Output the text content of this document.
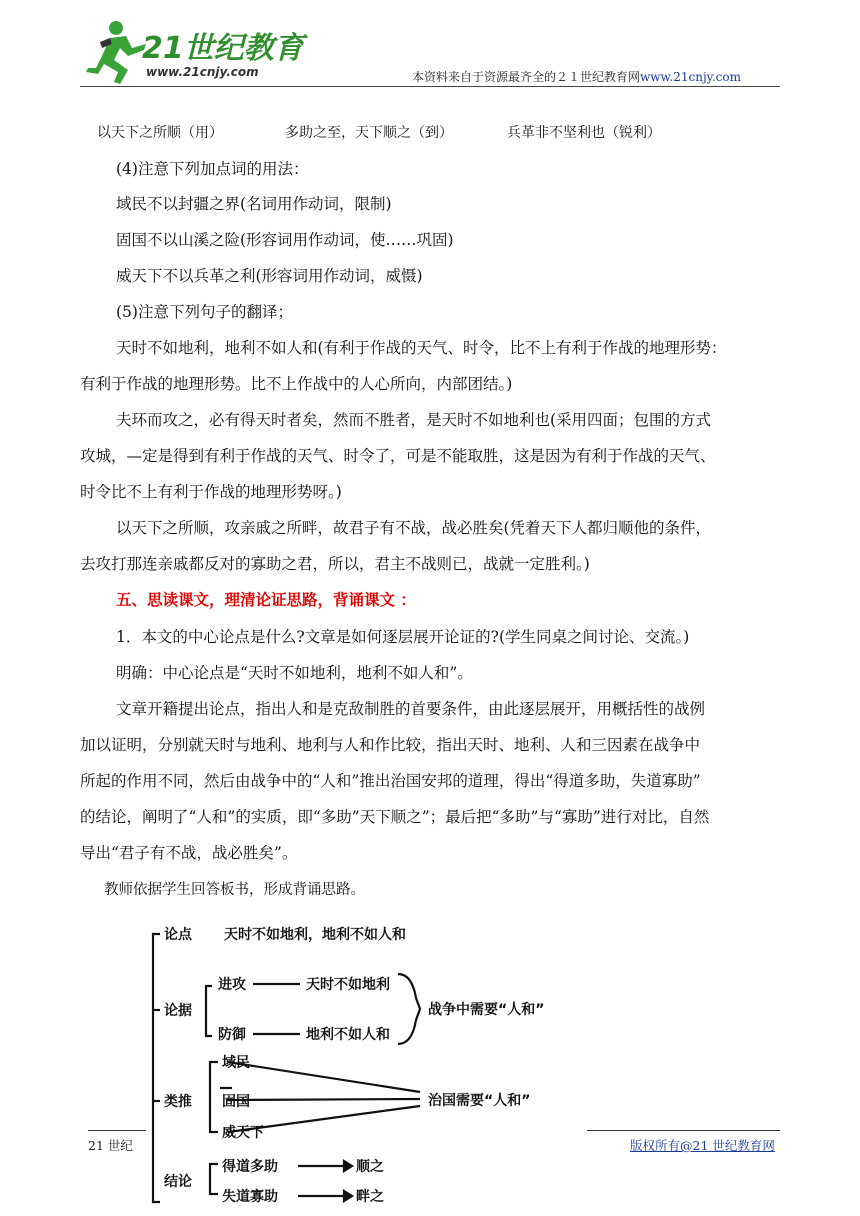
21世纪教育
www.21cnjy.com	本资料来自于资源最齐全的２１世纪教育网www.21cnjy.com
以天下之所顺（用）	多助之至，天下顺之（到）	兵革非不坚利也（锐利）
(4)注意下列加点词的用法：
域民不以封疆之界(名词用作动词，限制)
固国不以山溪之险(形容词用作动词，使……巩固)
威天下不以兵革之利(形容词用作动词，威慑)
(5)注意下列句子的翻译；
天时不如地利，地利不如人和(有利于作战的天气、时令，比不上有利于作战的地理形势：
有利于作战的地理形势。比不上作战中的人心所向，内部团结。)
夫环而攻之，必有得天时者矣，然而不胜者，是天时不如地利也(采用四面；包围的方式
攻城，—定是得到有利于作战的天气、时令了，可是不能取胜，这是因为有利于作战的天气、
时令比不上有利于作战的地理形势呀。)
以天下之所顺，攻亲戚之所畔，故君子有不战，战必胜矣(凭着天下人都归顺他的条件，
去攻打那连亲戚都反对的寡助之君，所以，君主不战则已，战就一定胜利。)
五、思读课文，理清论证思路，背诵课文 ：
1．本文的中心论点是什么?文章是如何逐层展开论证的?(学生同桌之间讨论、交流。)
明确：中心论点是“天时不如地利，地利不如人和”。
文章开籍提出论点，指出人和是克敌制胜的首要条件，由此逐层展开，用概括性的战例
加以证明，分别就天时与地利、地利与人和作比较，指出天时、地利、人和三因素在战争中
所起的作用不同，然后由战争中的“人和”推出治国安邦的道理，得出“得道多助，失道寡助”
的结论，阐明了“人和”的实质，即“多助”天下顺之”；最后把“多助”与“寡助”进行对比，自然
导出“君子有不战，战必胜矣”。
教师依据学生回答板书，形成背诵思路。
论点 天时不如地利，地利不如人和
论据
进攻	天时不如地利
防御	地利不如人和
战争中需要“人和”
类推
域民
固国
威天下
治国需要“人和”
结论
得道多助	顺之
失道寡助	畔之
21 世纪	版权所有@21 世纪教育网
